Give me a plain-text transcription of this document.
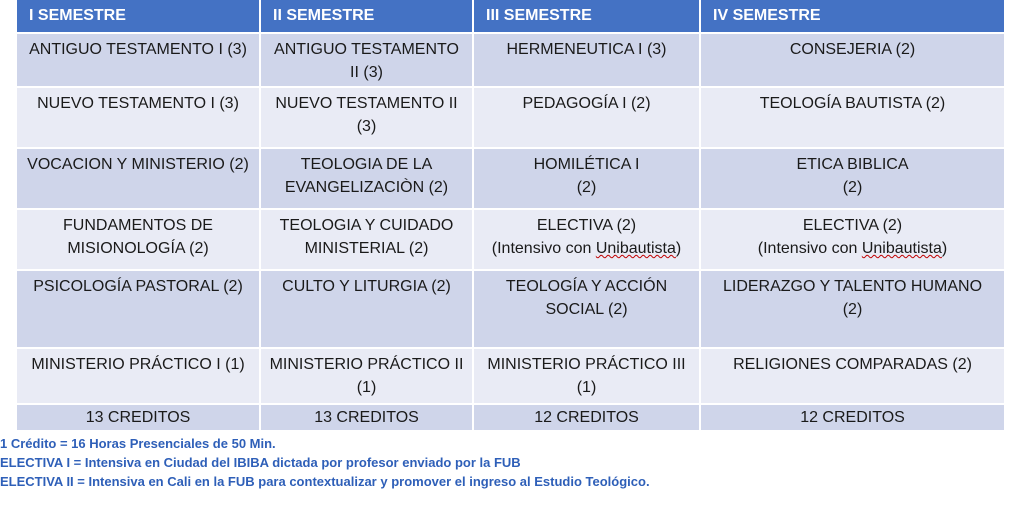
I SEMESTRE	II SEMESTRE	III SEMESTRE	IV SEMESTRE

ANTIGUO TESTAMENTO I (3)	ANTIGUO TESTAMENTO
II (3)	HERMENEUTICA I (3)	CONSEJERIA (2)

NUEVO TESTAMENTO I (3)	NUEVO TESTAMENTO II
(3)	PEDAGOGÍA I (2)	TEOLOGÍA BAUTISTA (2)

VOCACION Y MINISTERIO (2)	TEOLOGIA DE LA
EVANGELIZACIÒN (2)	HOMILÉTICA I
(2)	ETICA BIBLICA
(2)

FUNDAMENTOS DE
MISIONOLOGÍA (2)	TEOLOGIA Y CUIDADO
MINISTERIAL (2)	ELECTIVA (2)
(Intensivo con Unibautista)	ELECTIVA (2)
(Intensivo con Unibautista)

PSICOLOGÍA PASTORAL (2)	CULTO Y LITURGIA (2)	TEOLOGÍA Y ACCIÓN
SOCIAL (2)	LIDERAZGO Y TALENTO HUMANO
(2)

MINISTERIO PRÁCTICO I (1)	MINISTERIO PRÁCTICO II
(1)	MINISTERIO PRÁCTICO III
(1)	RELIGIONES COMPARADAS (2)

13 CREDITOS	13 CREDITOS	12 CREDITOS	12 CREDITOS
1 Crédito = 16 Horas Presenciales de 50 Min.
ELECTIVA I = Intensiva en Ciudad del IBIBA dictada por profesor enviado por la FUB
ELECTIVA II = Intensiva en Cali en la FUB para contextualizar y promover el ingreso al Estudio Teológico.
